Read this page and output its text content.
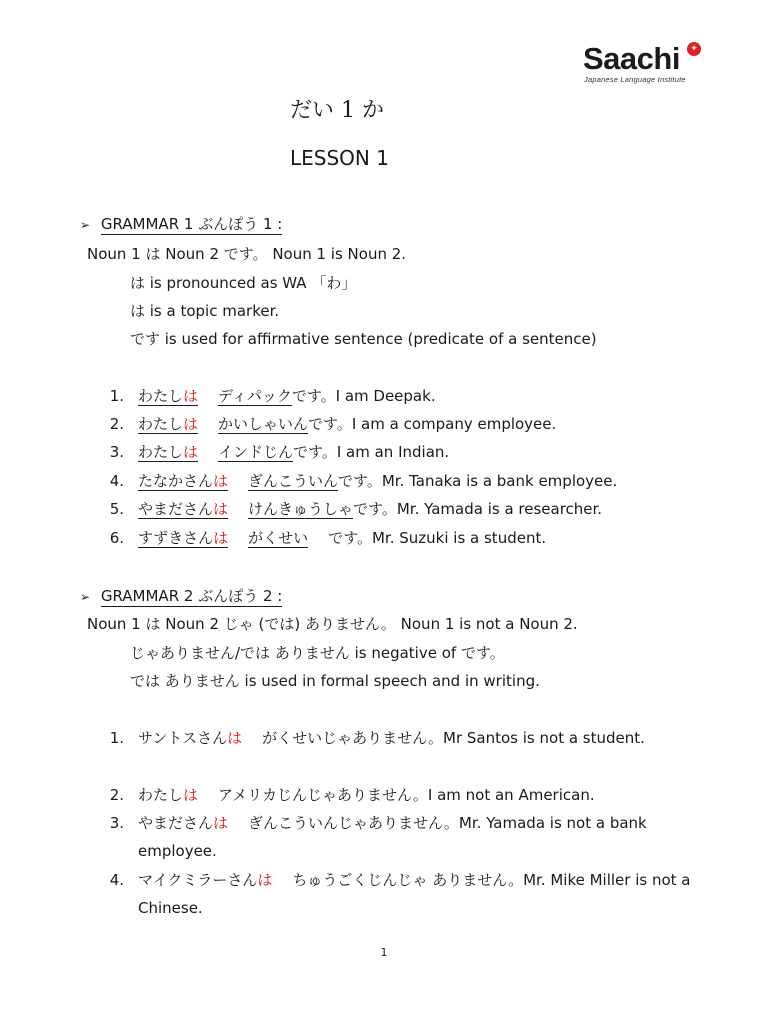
Saachi	✦
Japanese Language Institute
だい 1 か
LESSON 1
➢ GRAMMAR 1 ぶんぽう 1 :
Noun 1 は Noun 2 です。 Noun 1 is Noun 2.
は is pronounced as WA 「わ」
は is a topic marker.
です is used for affirmative sentence (predicate of a sentence)
1. わたしは ディパックです。I am Deepak.
2. わたしは かいしゃいんです。I am a company employee.
3. わたしは インドじんです。I am an Indian.
4. たなかさんは ぎんこういんです。Mr. Tanaka is a bank employee.
5. やまださんは けんきゅうしゃです。Mr. Yamada is a researcher.
6. すずきさんは がくせい です。Mr. Suzuki is a student.
➢ GRAMMAR 2 ぶんぽう 2 :
Noun 1 は Noun 2 じゃ (では) ありません。 Noun 1 is not a Noun 2.
じゃありません/では ありません is negative of です。
では ありません is used in formal speech and in writing.
1. サントスさんは がくせいじゃありません。Mr Santos is not a student.
2. わたしは アメリカじんじゃありません。I am not an American.
3. やまださんは ぎんこういんじゃありません。Mr. Yamada is not a bank employee.
4. マイクミラーさんは ちゅうごくじんじゃ ありません。Mr. Mike Miller is not a Chinese.
1
